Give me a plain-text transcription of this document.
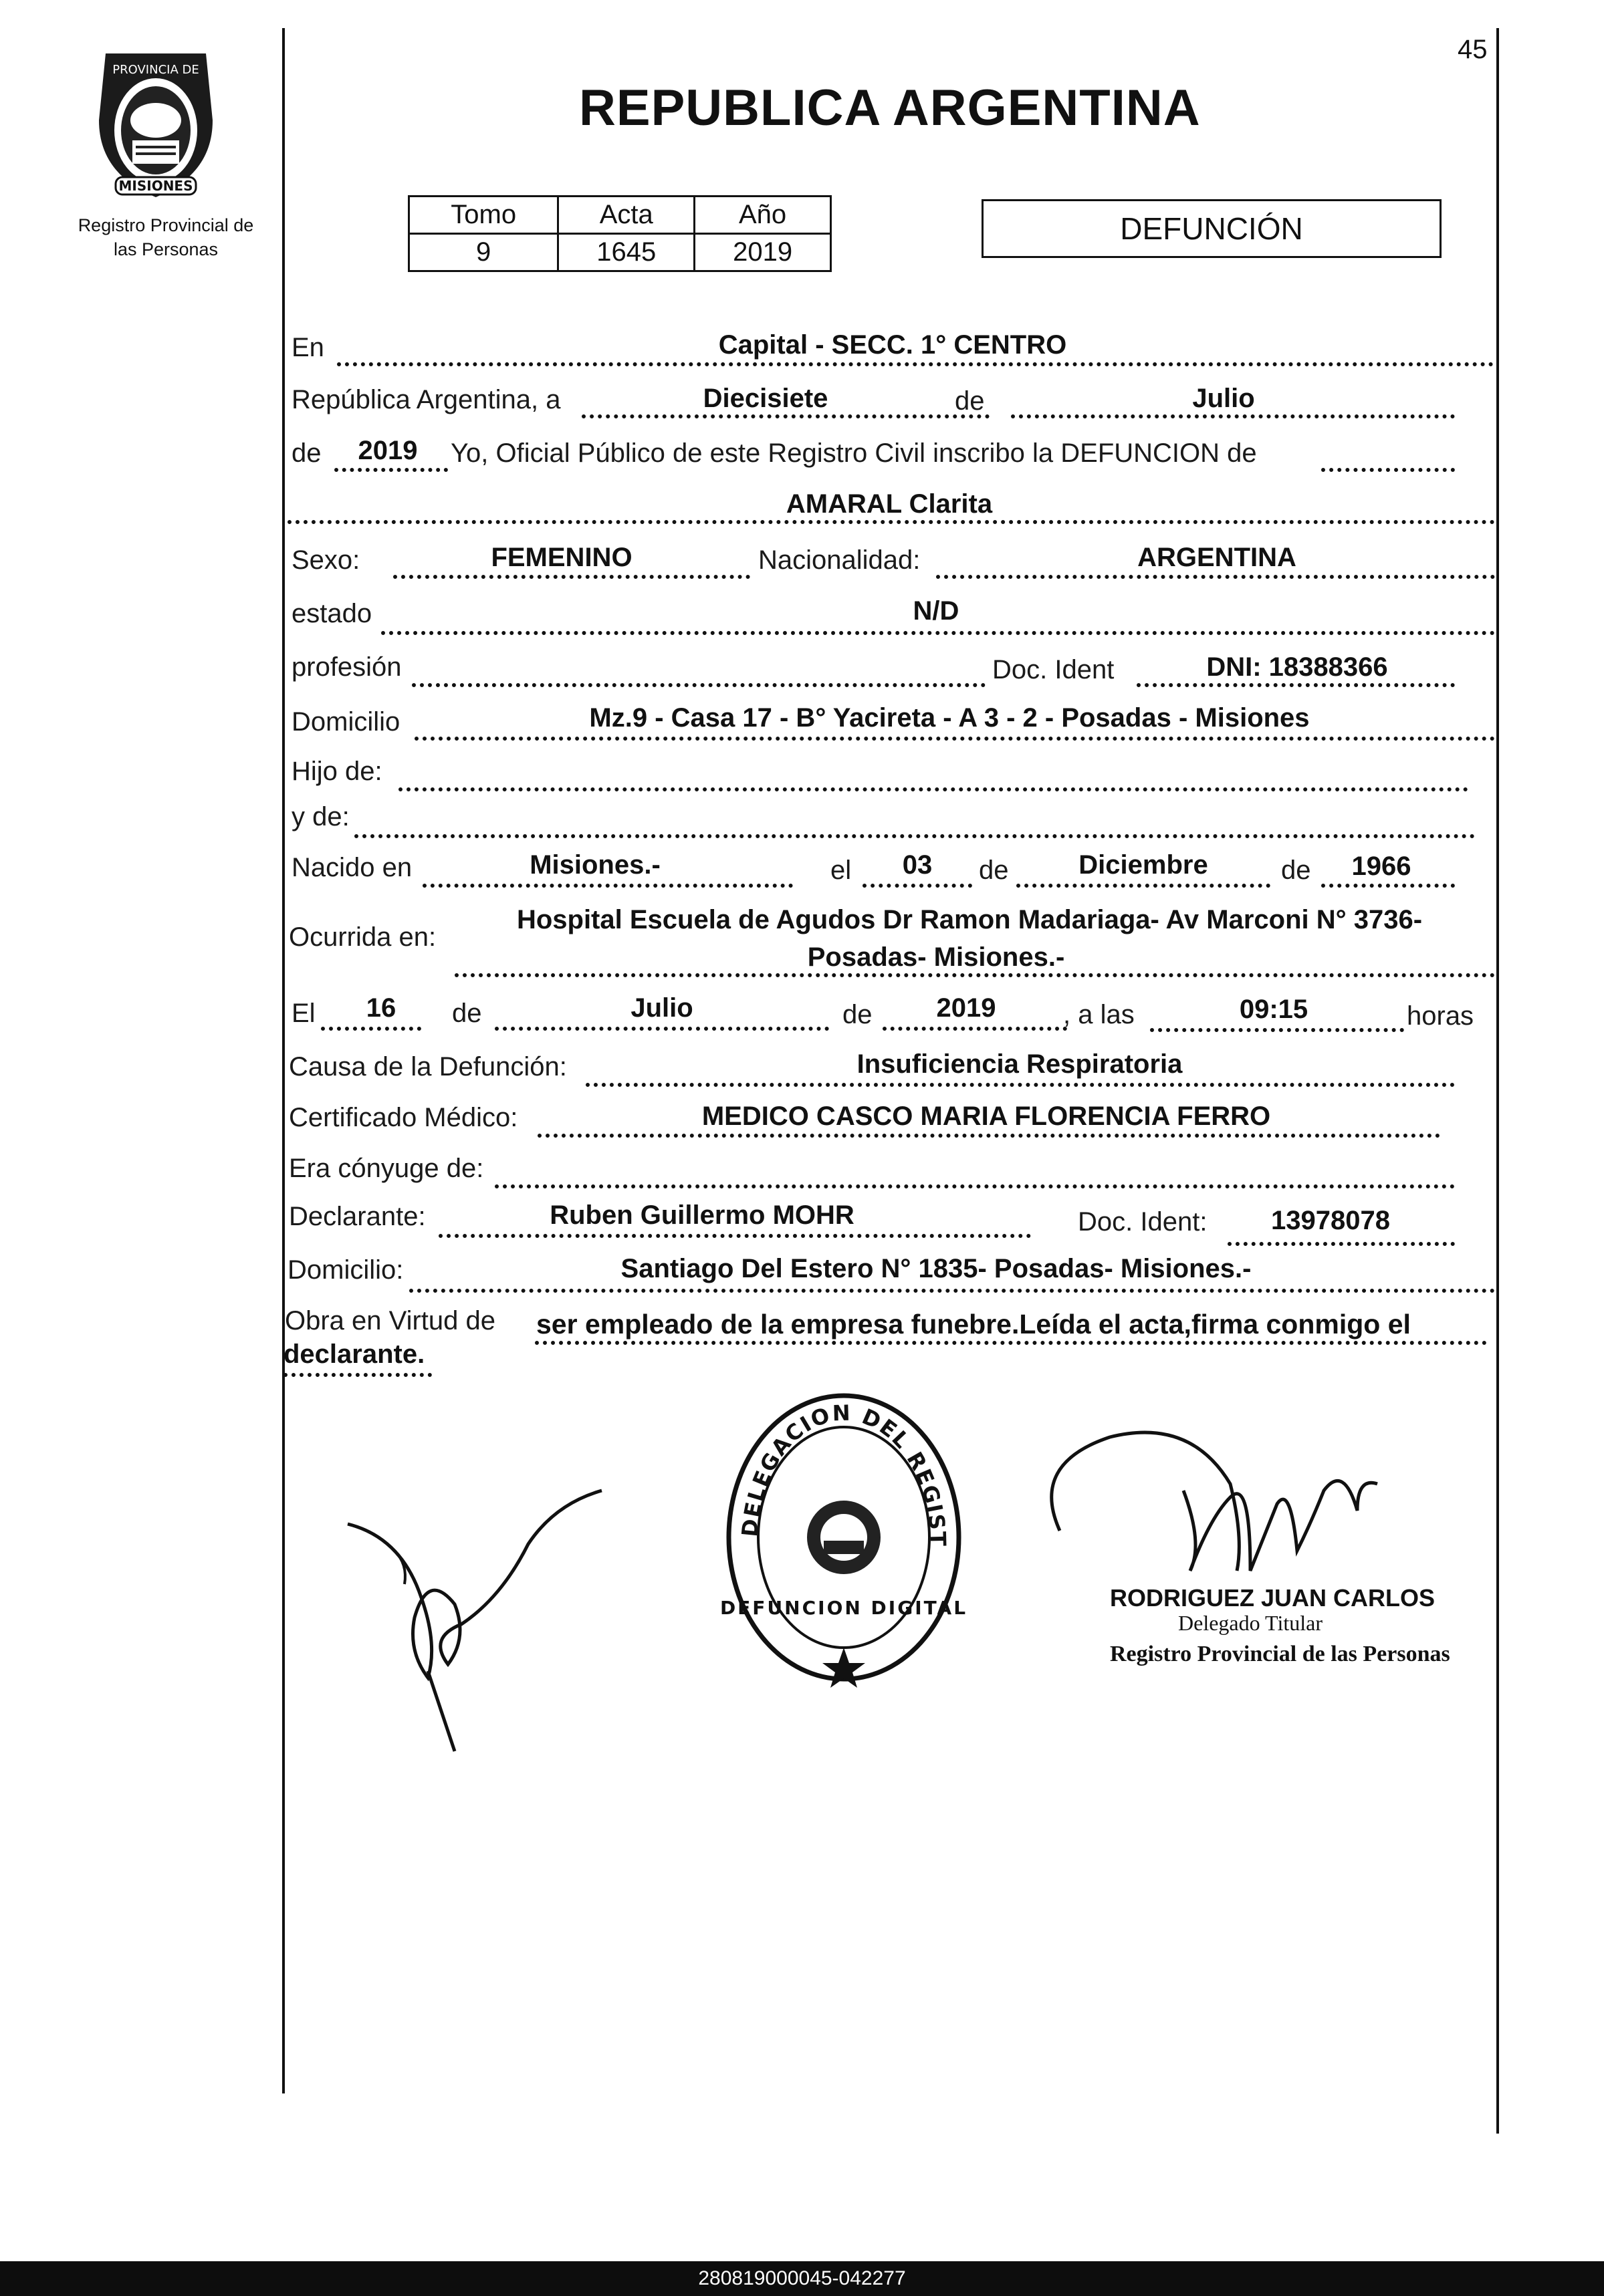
45
PROVINCIA DE
MISIONES
Registro Provincial de
las Personas
REPUBLICA ARGENTINA
Tomo	Acta	Año
9	1645	2019
DEFUNCIÓN
En	Capital - SECC. 1° CENTRO
República Argentina, a	Diecisiete	de	Julio
de	2019	Yo, Oficial Público de este Registro Civil inscribo la DEFUNCION de
AMARAL Clarita
Sexo:	FEMENINO	Nacionalidad:	ARGENTINA
estado	N/D
profesión	Doc. Ident	DNI: 18388366
Domicilio	Mz.9 - Casa 17 - B° Yacireta - A 3 - 2 - Posadas - Misiones
Hijo de:
y de:
Nacido en	Misiones.-	el	03	de	Diciembre	de	1966
Ocurrida en:
Hospital Escuela de Agudos Dr Ramon Madariaga- Av Marconi N° 3736-
Posadas- Misiones.-
El	16	de	Julio	de	2019	, a las	09:15	horas
Causa de la Defunción:	Insuficiencia Respiratoria
Certificado Médico:	MEDICO CASCO MARIA FLORENCIA FERRO
Era cónyuge de:
Declarante:	Ruben Guillermo MOHR	Doc. Ident:	13978078
Domicilio:	Santiago Del Estero N° 1835- Posadas- Misiones.-
Obra en Virtud de ser empleado de la empresa funebre.Leída el acta,firma conmigo el
declarante.
DELEGACION DEL REGIST
DEFUNCION DIGITAL	RODRIGUEZ JUAN CARLOS
Delegado Titular
Registro Provincial de las Personas
280819000045-042277
